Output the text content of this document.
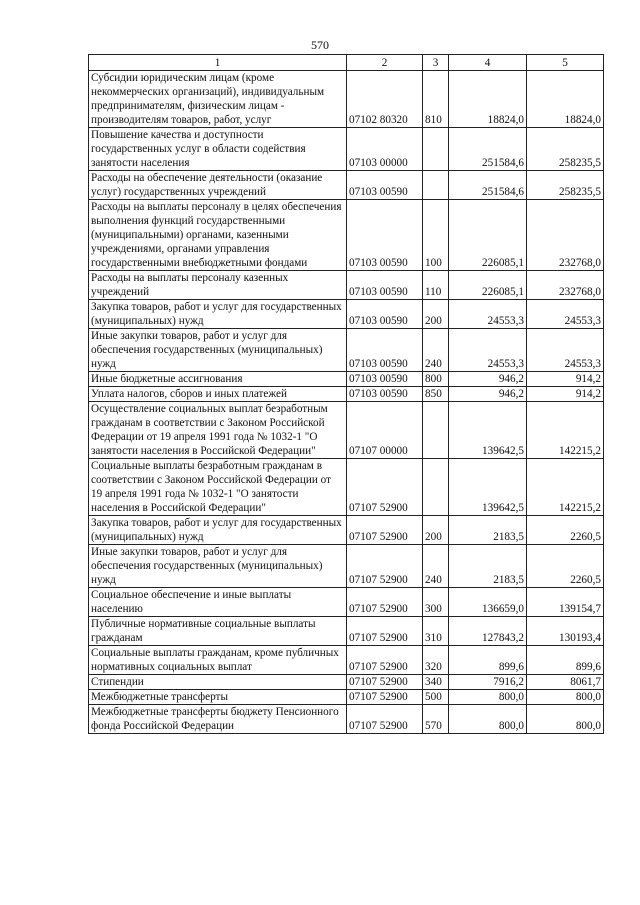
570
1	2	3	4	5
Субсидии юридическим лицам (кроме некоммерческих организаций), индивидуальным предпринимателям, физическим лицам - производителям товаров, работ, услуг	07102 80320	810	18824,0	18824,0
Повышение качества и доступности государственных услуг в области содействия занятости населения	07103 00000		251584,6	258235,5
Расходы на обеспечение деятельности (оказание услуг) государственных учреждений	07103 00590		251584,6	258235,5
Расходы на выплаты персоналу в целях обеспечения выполнения функций государственными (муниципальными) органами, казенными учреждениями, органами управления государственными внебюджетными фондами	07103 00590	100	226085,1	232768,0
Расходы на выплаты персоналу казенных учреждений	07103 00590	110	226085,1	232768,0
Закупка товаров, работ и услуг для государственных (муниципальных) нужд	07103 00590	200	24553,3	24553,3
Иные закупки товаров, работ и услуг для обеспечения государственных (муниципальных) нужд	07103 00590	240	24553,3	24553,3
Иные бюджетные ассигнования	07103 00590	800	946,2	914,2
Уплата налогов, сборов и иных платежей	07103 00590	850	946,2	914,2
Осуществление социальных выплат безработным гражданам в соответствии с Законом Российской Федерации от 19 апреля 1991 года № 1032-1 "О занятости населения в Российской Федерации"	07107 00000		139642,5	142215,2
Социальные выплаты безработным гражданам в соответствии с Законом Российской Федерации от 19 апреля 1991 года № 1032-1 "О занятости населения в Российской Федерации"	07107 52900		139642,5	142215,2
Закупка товаров, работ и услуг для государственных (муниципальных) нужд	07107 52900	200	2183,5	2260,5
Иные закупки товаров, работ и услуг для обеспечения государственных (муниципальных) нужд	07107 52900	240	2183,5	2260,5
Социальное обеспечение и иные выплаты населению	07107 52900	300	136659,0	139154,7
Публичные нормативные социальные выплаты гражданам	07107 52900	310	127843,2	130193,4
Социальные выплаты гражданам, кроме публичных нормативных социальных выплат	07107 52900	320	899,6	899,6
Стипендии	07107 52900	340	7916,2	8061,7
Межбюджетные трансферты	07107 52900	500	800,0	800,0
Межбюджетные трансферты бюджету Пенсионного фонда Российской Федерации	07107 52900	570	800,0	800,0
